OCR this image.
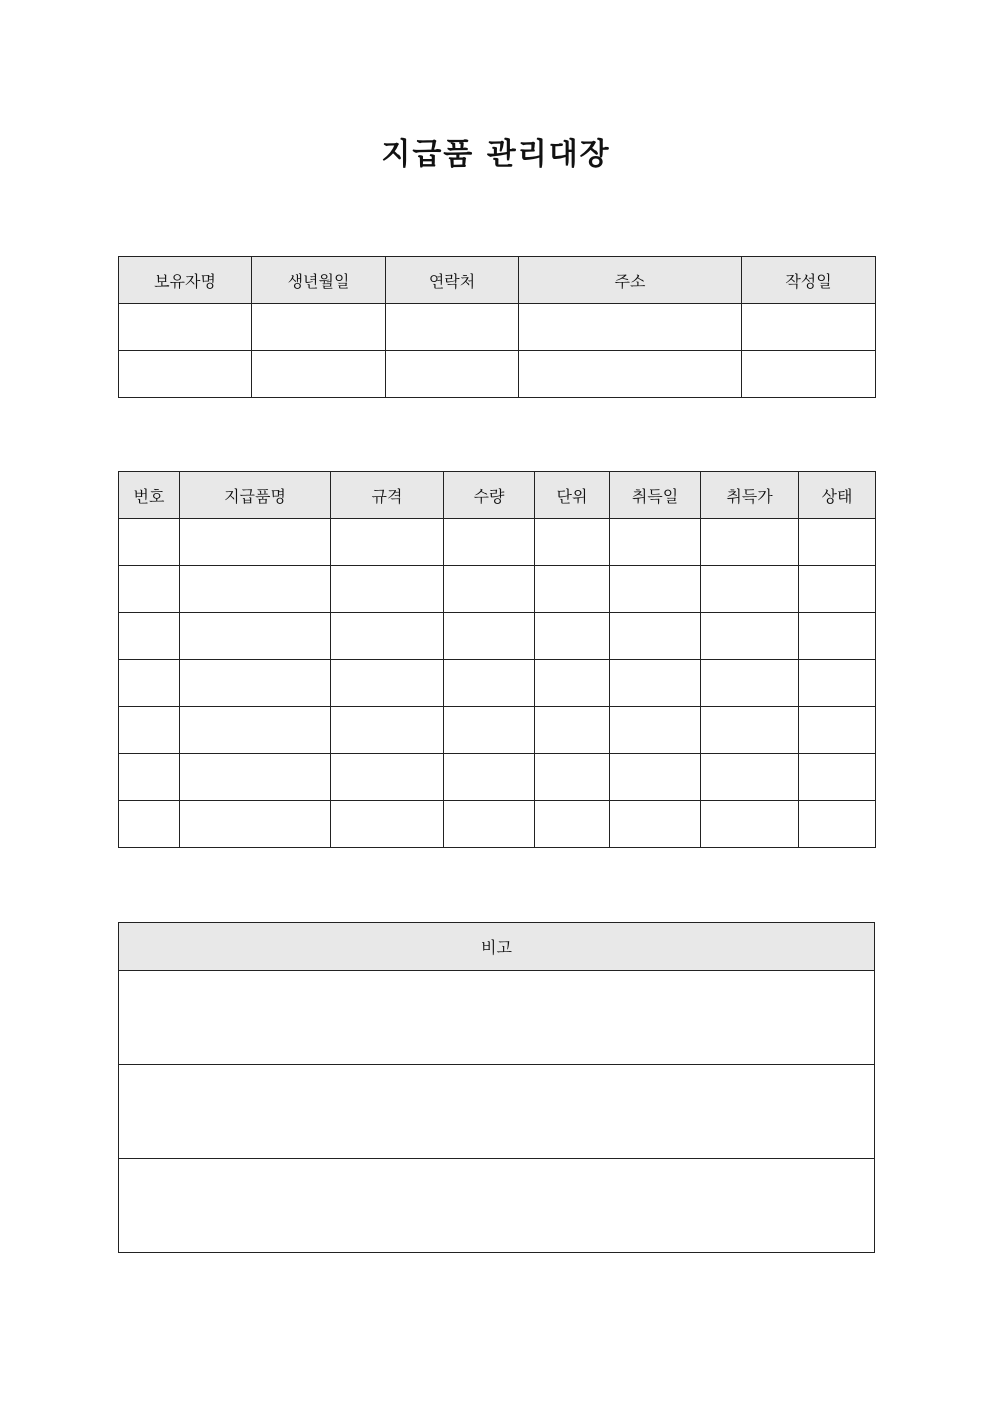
지급품 관리대장
보유자명	생년월일	연락처	주소	작성일

번호	지급품명	규격	수량	단위	취득일	취득가	상태

비고
